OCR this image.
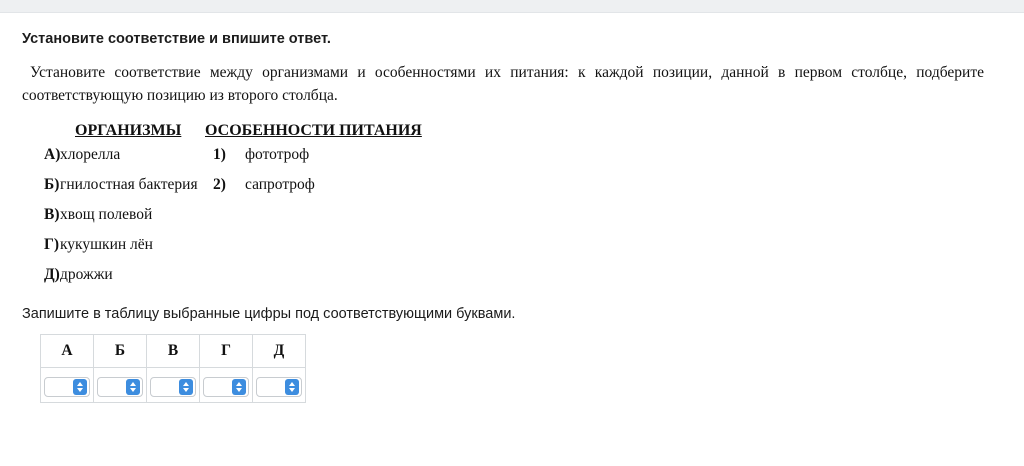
Установите соответствие и впишите ответ.
Установите соответствие между организмами и особенностями их питания: к каждой позиции, данной в первом столбце, подберите соответствующую позицию из второго столбца.
ОРГАНИЗМЫ	ОСОБЕННОСТИ ПИТАНИЯ
А) хлорелла
Б) гнилостная бактерия
В) хвощ полевой
Г) кукушкин лён
Д) дрожжи
1)	фототроф
2)	сапротроф
Запишите в таблицу выбранные цифры под соответствующими буквами.
А	Б	В	Г	Д
